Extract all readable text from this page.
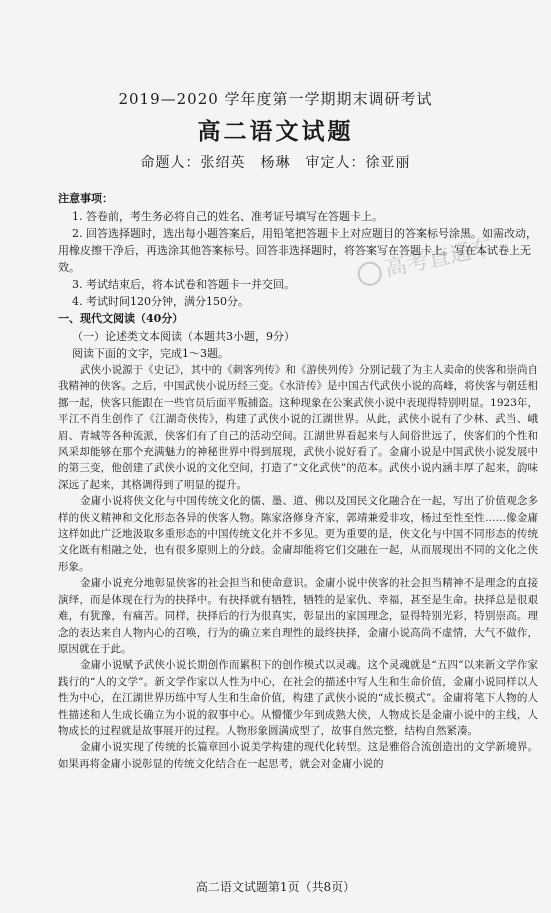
2019—2020 学年度第一学期期末调研考试
高二语文试题
命题人：张绍英　杨琳　审定人：徐亚丽
高考直通车

注意事项：

1. 答卷前，考生务必将自己的姓名、准考证号填写在答题卡上。

2. 回答选择题时，选出每小题答案后，用铅笔把答题卡上对应题目的答案标号涂黑。如需改动，用橡皮擦干净后，再选涂其他答案标号。回答非选择题时，将答案写在答题卡上。写在本试卷上无效。

3. 考试结束后，将本试卷和答题卡一并交回。

4. 考试时间120分钟，满分150分。

一、现代文阅读（40分）

（一）论述类文本阅读（本题共3小题，9分）

阅读下面的文字，完成1～3题。

武侠小说源于《史记》，其中的《刺客列传》和《游侠列传》分别记载了为主人卖命的侠客和崇尚自我精神的侠客。之后，中国武侠小说历经三变。《水浒传》是中国古代武侠小说的高峰，将侠客与朝廷相挪一起，侠客只能跟在一些官员后面平叛捕盗。这种现象在公案武侠小说中表现得特别明显。1923年，平江不肖生创作了《江湖奇侠传》，构建了武侠小说的江湖世界。从此，武侠小说有了少林、武当、峨眉、青城等各种流派，侠客们有了自己的活动空间。江湖世界看起来与人间俗世远了，侠客们的个性和风采却能够在那个充满魅力的神秘世界中得到展现，武侠小说好看了。金庸小说是中国武侠小说发展中的第三变，他创建了武侠小说的文化空间，打造了“文化武侠”的范本。武侠小说内涵丰厚了起来，韵味深远了起来，其格调得到了明显的提升。

金庸小说将侠文化与中国传统文化的儒、墨、道、佛以及国民文化融合在一起，写出了价值观念多样的侠义精神和文化形态各异的侠客人物。陈家洛修身齐家，郭靖兼爱非攻，杨过至性至性……像金庸这样如此广泛地汲取多重形态的中国传统文化并不多见。更为重要的是，侠文化与中国不同形态的传统文化既有相融之处，也有很多原则上的分歧。金庸却能将它们交融在一起，从而展现出不同的文化之侠形象。

金庸小说充分地彰显侠客的社会担当和使命意识。金庸小说中侠客的社会担当精神不是理念的直接演绎，而是体现在行为的抉择中。有抉择就有牺牲，牺牲的是家仇、幸福，甚至是生命。抉择总是很艰难，有犹豫，有痛苦。同样，抉择后的行为很真实，彰显出的家国理念，显得特别光彩，特别崇高。理念的表达来自人物内心的召唤，行为的确立来自理性的最终抉择，金庸小说高尚不虚情，大气不做作，原因就在于此。

金庸小说赋予武侠小说长期创作而累积下的创作模式以灵魂。这个灵魂就是“五四”以来新文学作家践行的“人的文学”。新文学作家以人性为中心，在社会的描述中写人生和生命价值，金庸小说同样以人性为中心，在江湖世界历练中写人生和生命价值，构建了武侠小说的“成长模式”。金庸将笔下人物的人性描述和人生成长确立为小说的叙事中心。从懵懂少年到成熟大侠，人物成长是金庸小说中的主线，人物成长的过程就是故事展开的过程。人物形象圆满成型了，故事自然完整，结构自然紧凑。

金庸小说实现了传统的长篇章回小说美学构建的现代化转型。这是雅俗合流创造出的文学新境界。如果再将金庸小说彰显的传统文化结合在一起思考，就会对金庸小说的

高二语文试题第1页（共8页）
